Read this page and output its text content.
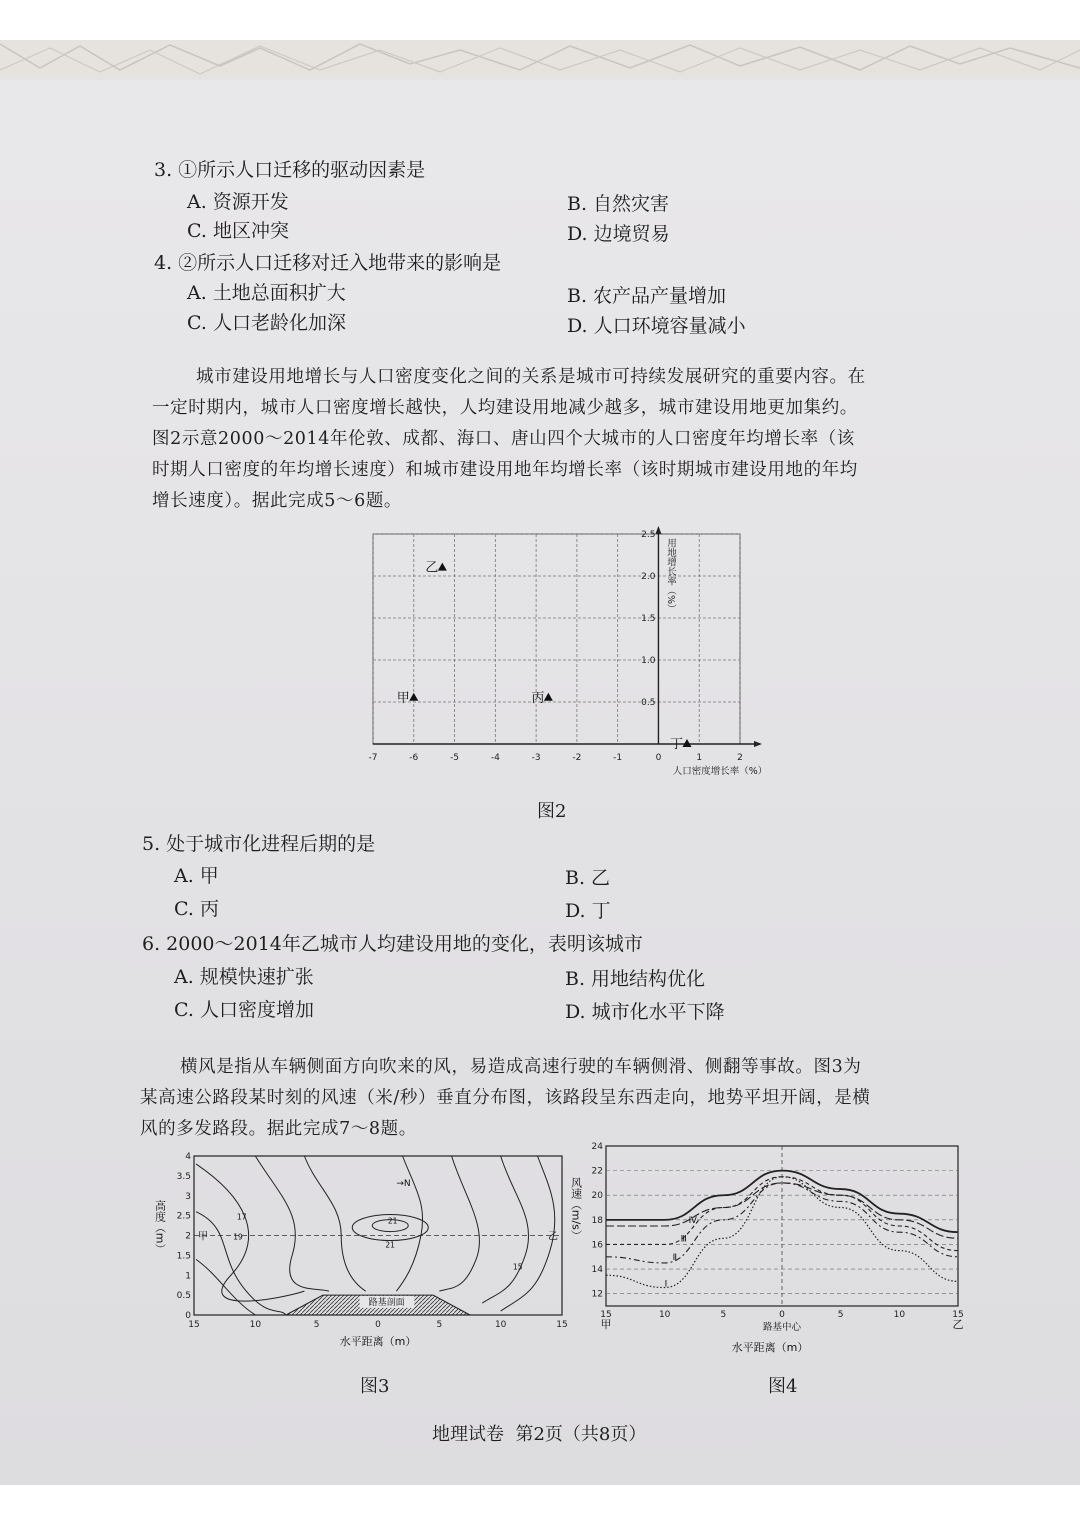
3. ①所示人口迁移的驱动因素是
A. 资源开发	B. 自然灾害
C. 地区冲突	D. 边境贸易
4. ②所示人口迁移对迁入地带来的影响是
A. 土地总面积扩大	B. 农产品产量增加
C. 人口老龄化加深	D. 人口环境容量减小

城市建设用地增长与人口密度变化之间的关系是城市可持续发展研究的重要内容。在

一定时期内，城市人口密度增长越快，人均建设用地减少越多，城市建设用地更加集约。

图2示意2000～2014年伦敦、成都、海口、唐山四个大城市的人口密度年均增长率（该

时期人口密度的年均增长速度）和城市建设用地年均增长率（该时期城市建设用地的年均

增长速度）。据此完成5～6题。

-7	-6	-5	-4	-3	-2	-1	0	1	2
0.5
1.0
1.5
2.0
2.5
人口密度增长率（%）
用地增长率（%）
甲
乙
丙
丁
图2
5. 处于城市化进程后期的是
A. 甲	B. 乙
C. 丙	D. 丁
6. 2000～2014年乙城市人均建设用地的变化，表明该城市
A. 规模快速扩张	B. 用地结构优化
C. 人口密度增加	D. 城市化水平下降

横风是指从车辆侧面方向吹来的风，易造成高速行驶的车辆侧滑、侧翻等事故。图3为

某高速公路段某时刻的风速（米/秒）垂直分布图，该路段呈东西走向，地势平坦开阔，是横

风的多发路段。据此完成7～8题。

路基剖面
甲	乙
→N
17
19
21
21
15
15	10	5	0	5	10	15
0
0.5
1
1.5
2
2.5
3
3.5
4
水平距离（m）
高度（m）
图3
Ⅰ
Ⅱ
Ⅲ
Ⅳ
15	10	5	0	5	10	15
12
14
16
18
20
22
24
甲	乙
路基中心
水平距离（m）
风速（m/s）
图4
地理试卷  第2页（共8页）
